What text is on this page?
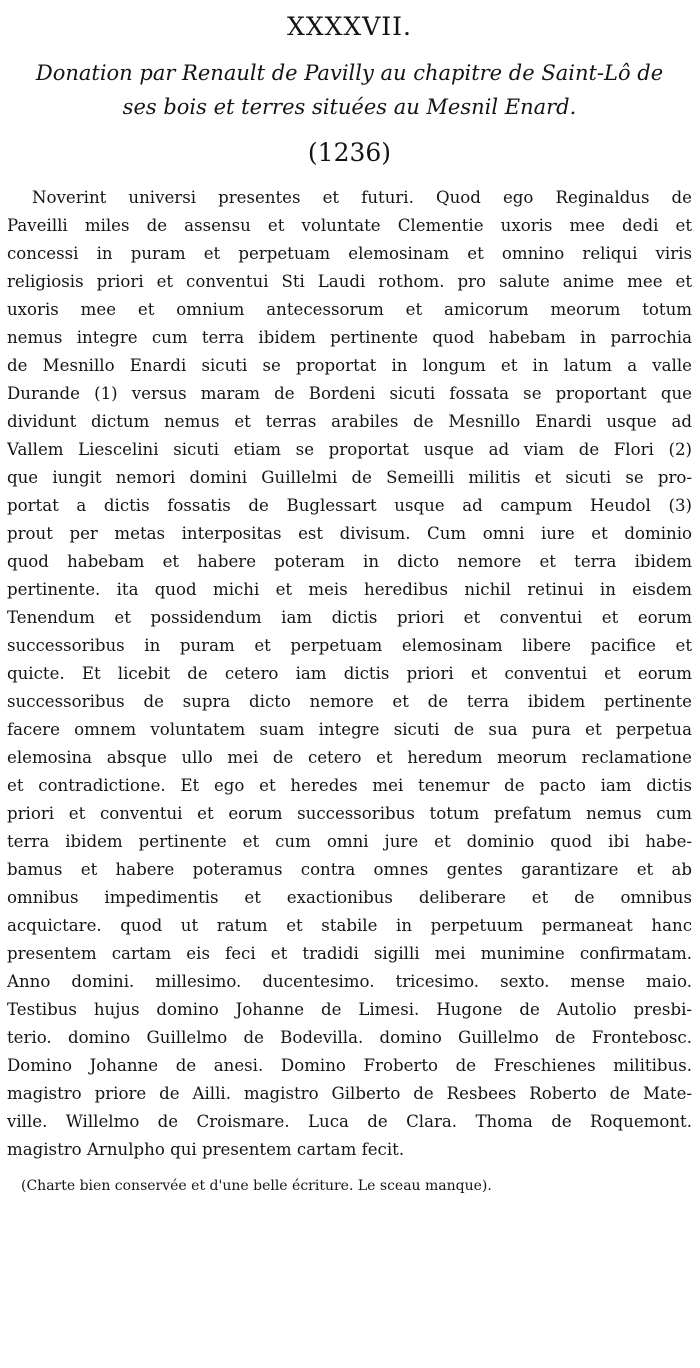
XXXXVII.

Donation par Renault de Pavilly au chapitre de Saint-Lô de

ses bois et terres situées au Mesnil Enard.

(1236)
Noverint universi presentes et futuri. Quod ego Reginaldus de
Paveilli miles de assensu et voluntate Clementie uxoris mee dedi et
concessi in puram et perpetuam elemosinam et omnino reliqui viris
religiosis priori et conventui Sti Laudi rothom. pro salute anime mee et
uxoris mee et omnium antecessorum et amicorum meorum totum
nemus integre cum terra ibidem pertinente quod habebam in parrochia
de Mesnillo Enardi sicuti se proportat in longum et in latum a valle
Durande (1) versus maram de Bordeni sicuti fossata se proportant que
dividunt dictum nemus et terras arabiles de Mesnillo Enardi usque ad
Vallem Liescelini sicuti etiam se proportat usque ad viam de Flori (2)
que iungit nemori domini Guillelmi de Semeilli militis et sicuti se pro-
portat a dictis fossatis de Buglessart usque ad campum Heudol (3)
prout per metas interpositas est divisum. Cum omni iure et dominio
quod habebam et habere poteram in dicto nemore et terra ibidem
pertinente. ita quod michi et meis heredibus nichil retinui in eisdem
Tenendum et possidendum iam dictis priori et conventui et eorum
successoribus in puram et perpetuam elemosinam libere pacifice et
quicte. Et licebit de cetero iam dictis priori et conventui et eorum
successoribus de supra dicto nemore et de terra ibidem pertinente
facere omnem voluntatem suam integre sicuti de sua pura et perpetua
elemosina absque ullo mei de cetero et heredum meorum reclamatione
et contradictione. Et ego et heredes mei tenemur de pacto iam dictis
priori et conventui et eorum successoribus totum prefatum nemus cum
terra ibidem pertinente et cum omni jure et dominio quod ibi habe-
bamus et habere poteramus contra omnes gentes garantizare et ab
omnibus impedimentis et exactionibus deliberare et de omnibus
acquictare. quod ut ratum et stabile in perpetuum permaneat hanc
presentem cartam eis feci et tradidi sigilli mei munimine confirmatam.
Anno domini. millesimo. ducentesimo. tricesimo. sexto. mense maio.
Testibus hujus domino Johanne de Limesi. Hugone de Autolio presbi-
terio. domino Guillelmo de Bodevilla. domino Guillelmo de Frontebosc.
Domino Johanne de anesi. Domino Froberto de Freschienes militibus.
magistro priore de Ailli. magistro Gilberto de Resbees Roberto de Mate-
ville. Willelmo de Croismare. Luca de Clara. Thoma de Roquemont.
magistro Arnulpho qui presentem cartam fecit.
(Charte bien conservée et d'une belle écriture. Le sceau manque).
